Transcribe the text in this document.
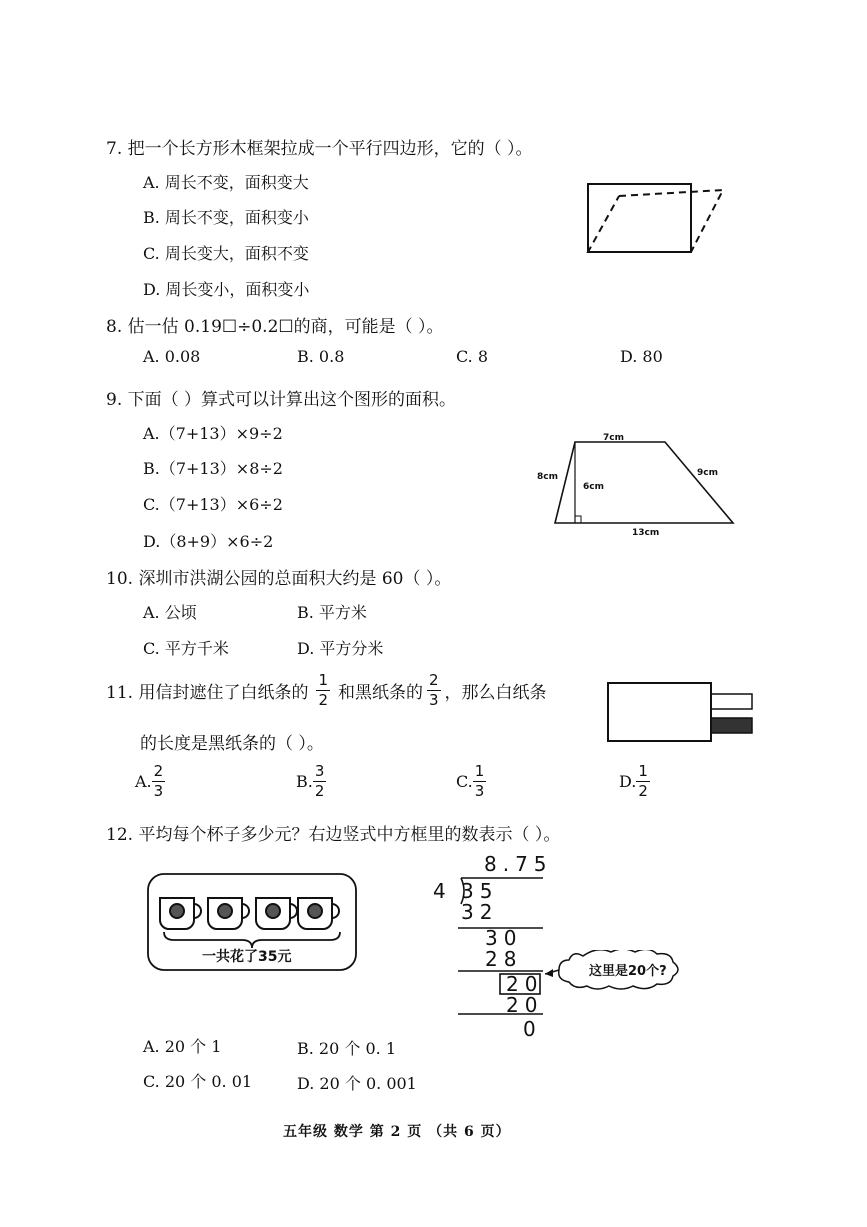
7. 把一个长方形木框架拉成一个平行四边形，它的（ ）。
A. 周长不变，面积变大
B. 周长不变，面积变小
C. 周长变大，面积不变
D. 周长变小，面积变小
8. 估一估 0.19☐÷0.2☐的商，可能是（ ）。
A. 0.08	B. 0.8	C. 8	D. 80
9. 下面（ ）算式可以计算出这个图形的面积。
A.（7+13）×9÷2
B.（7+13）×8÷2
C.（7+13）×6÷2
D.（8+9）×6÷2
7cm
8cm
6cm
9cm
13cm
10. 深圳市洪湖公园的总面积大约是 60（ ）。
A. 公顷	B. 平方米
C. 平方千米	D. 平方分米
11. 用信封遮住了白纸条的 $\frac{1}{2}$ 和黑纸条的 $\frac{2}{3}$ ，那么白纸条
的长度是黑纸条的（ ）。
A. $\frac{2}{3}$	B. $\frac{3}{2}$	C. $\frac{1}{3}$	D. $\frac{1}{2}$
12. 平均每个杯子多少元？右边竖式中方框里的数表示（ ）。
一共花了35元
8.75
4 35
32
30
28
20
20
0
这里是20个?
A. 20 个 1	B. 20 个 0. 1
C. 20 个 0. 01	D. 20 个 0. 001
五年级 数学 第 2 页 （共 6 页）
